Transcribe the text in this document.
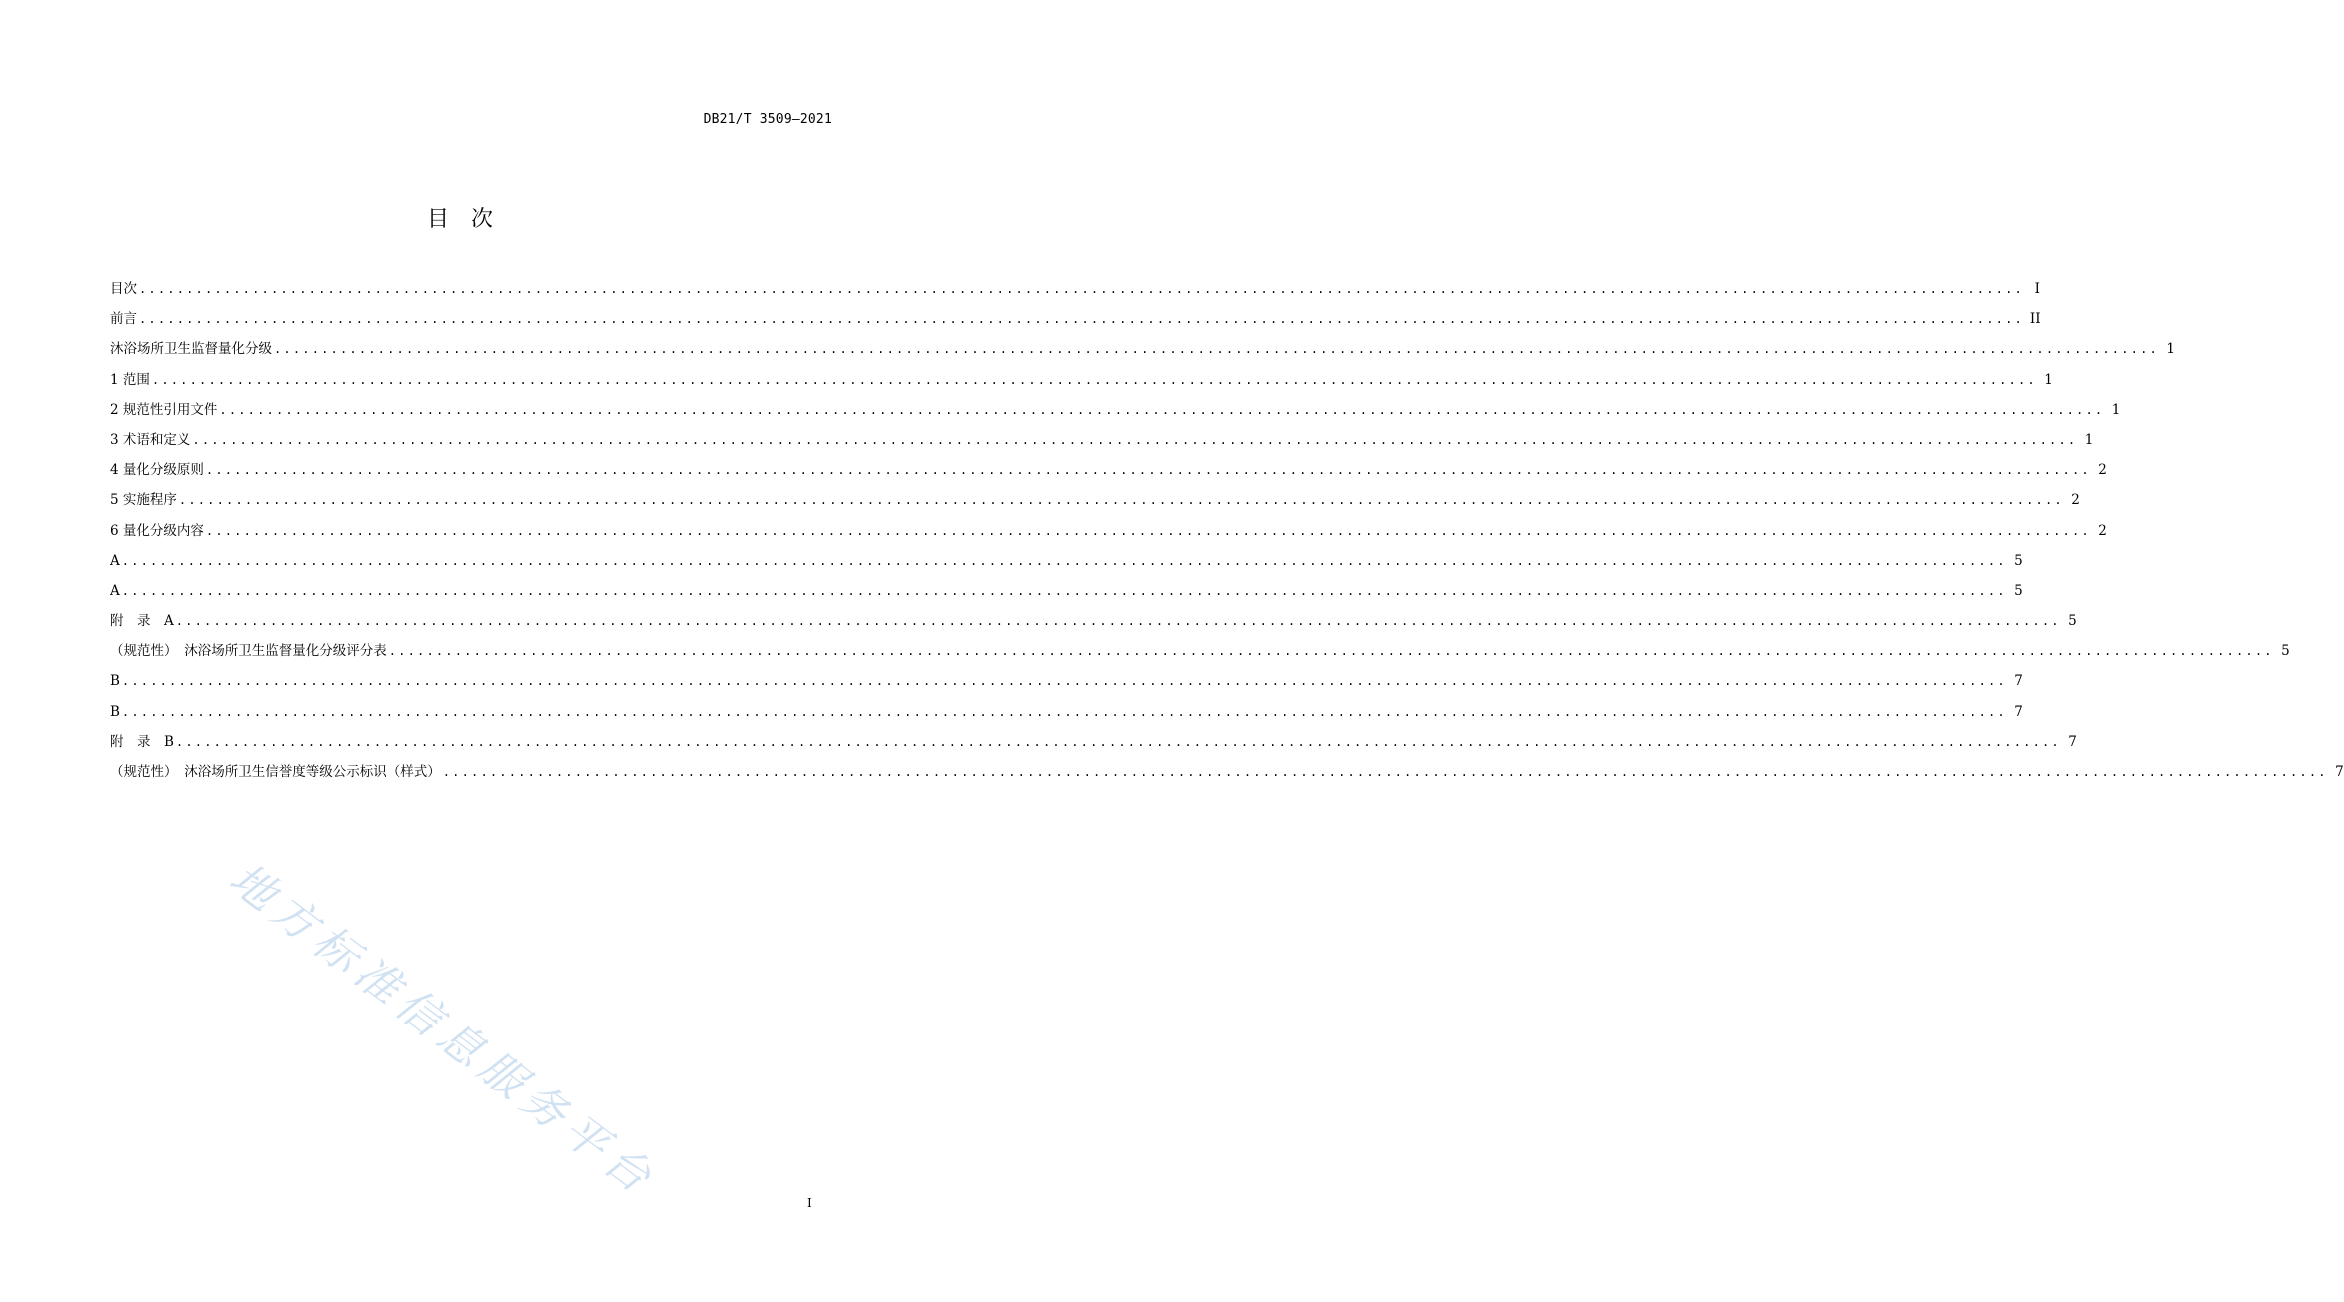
DB21/T 3509—2021
目次
目次 ........................................................................................................................................................................................................ I
前言 ........................................................................................................................................................................................................ II
沐浴场所卫生监督量化分级 ........................................................................................................................................................................................................ 1
1 范围 ........................................................................................................................................................................................................ 1
2 规范性引用文件 ........................................................................................................................................................................................................ 1
3 术语和定义 ........................................................................................................................................................................................................ 1
4 量化分级原则 ........................................................................................................................................................................................................ 2
5 实施程序 ........................................................................................................................................................................................................ 2
6 量化分级内容 ........................................................................................................................................................................................................ 2
A ........................................................................................................................................................................................................ 5
A ........................................................................................................................................................................................................ 5
附　录　A ........................................................................................................................................................................................................ 5
（规范性）　沐浴场所卫生监督量化分级评分表 ........................................................................................................................................................................................................ 5
B ........................................................................................................................................................................................................ 7
B ........................................................................................................................................................................................................ 7
附　录　B ........................................................................................................................................................................................................ 7
（规范性）　沐浴场所卫生信誉度等级公示标识（样式） ........................................................................................................................................................................................................ 7
地方标准信息服务平台	I
